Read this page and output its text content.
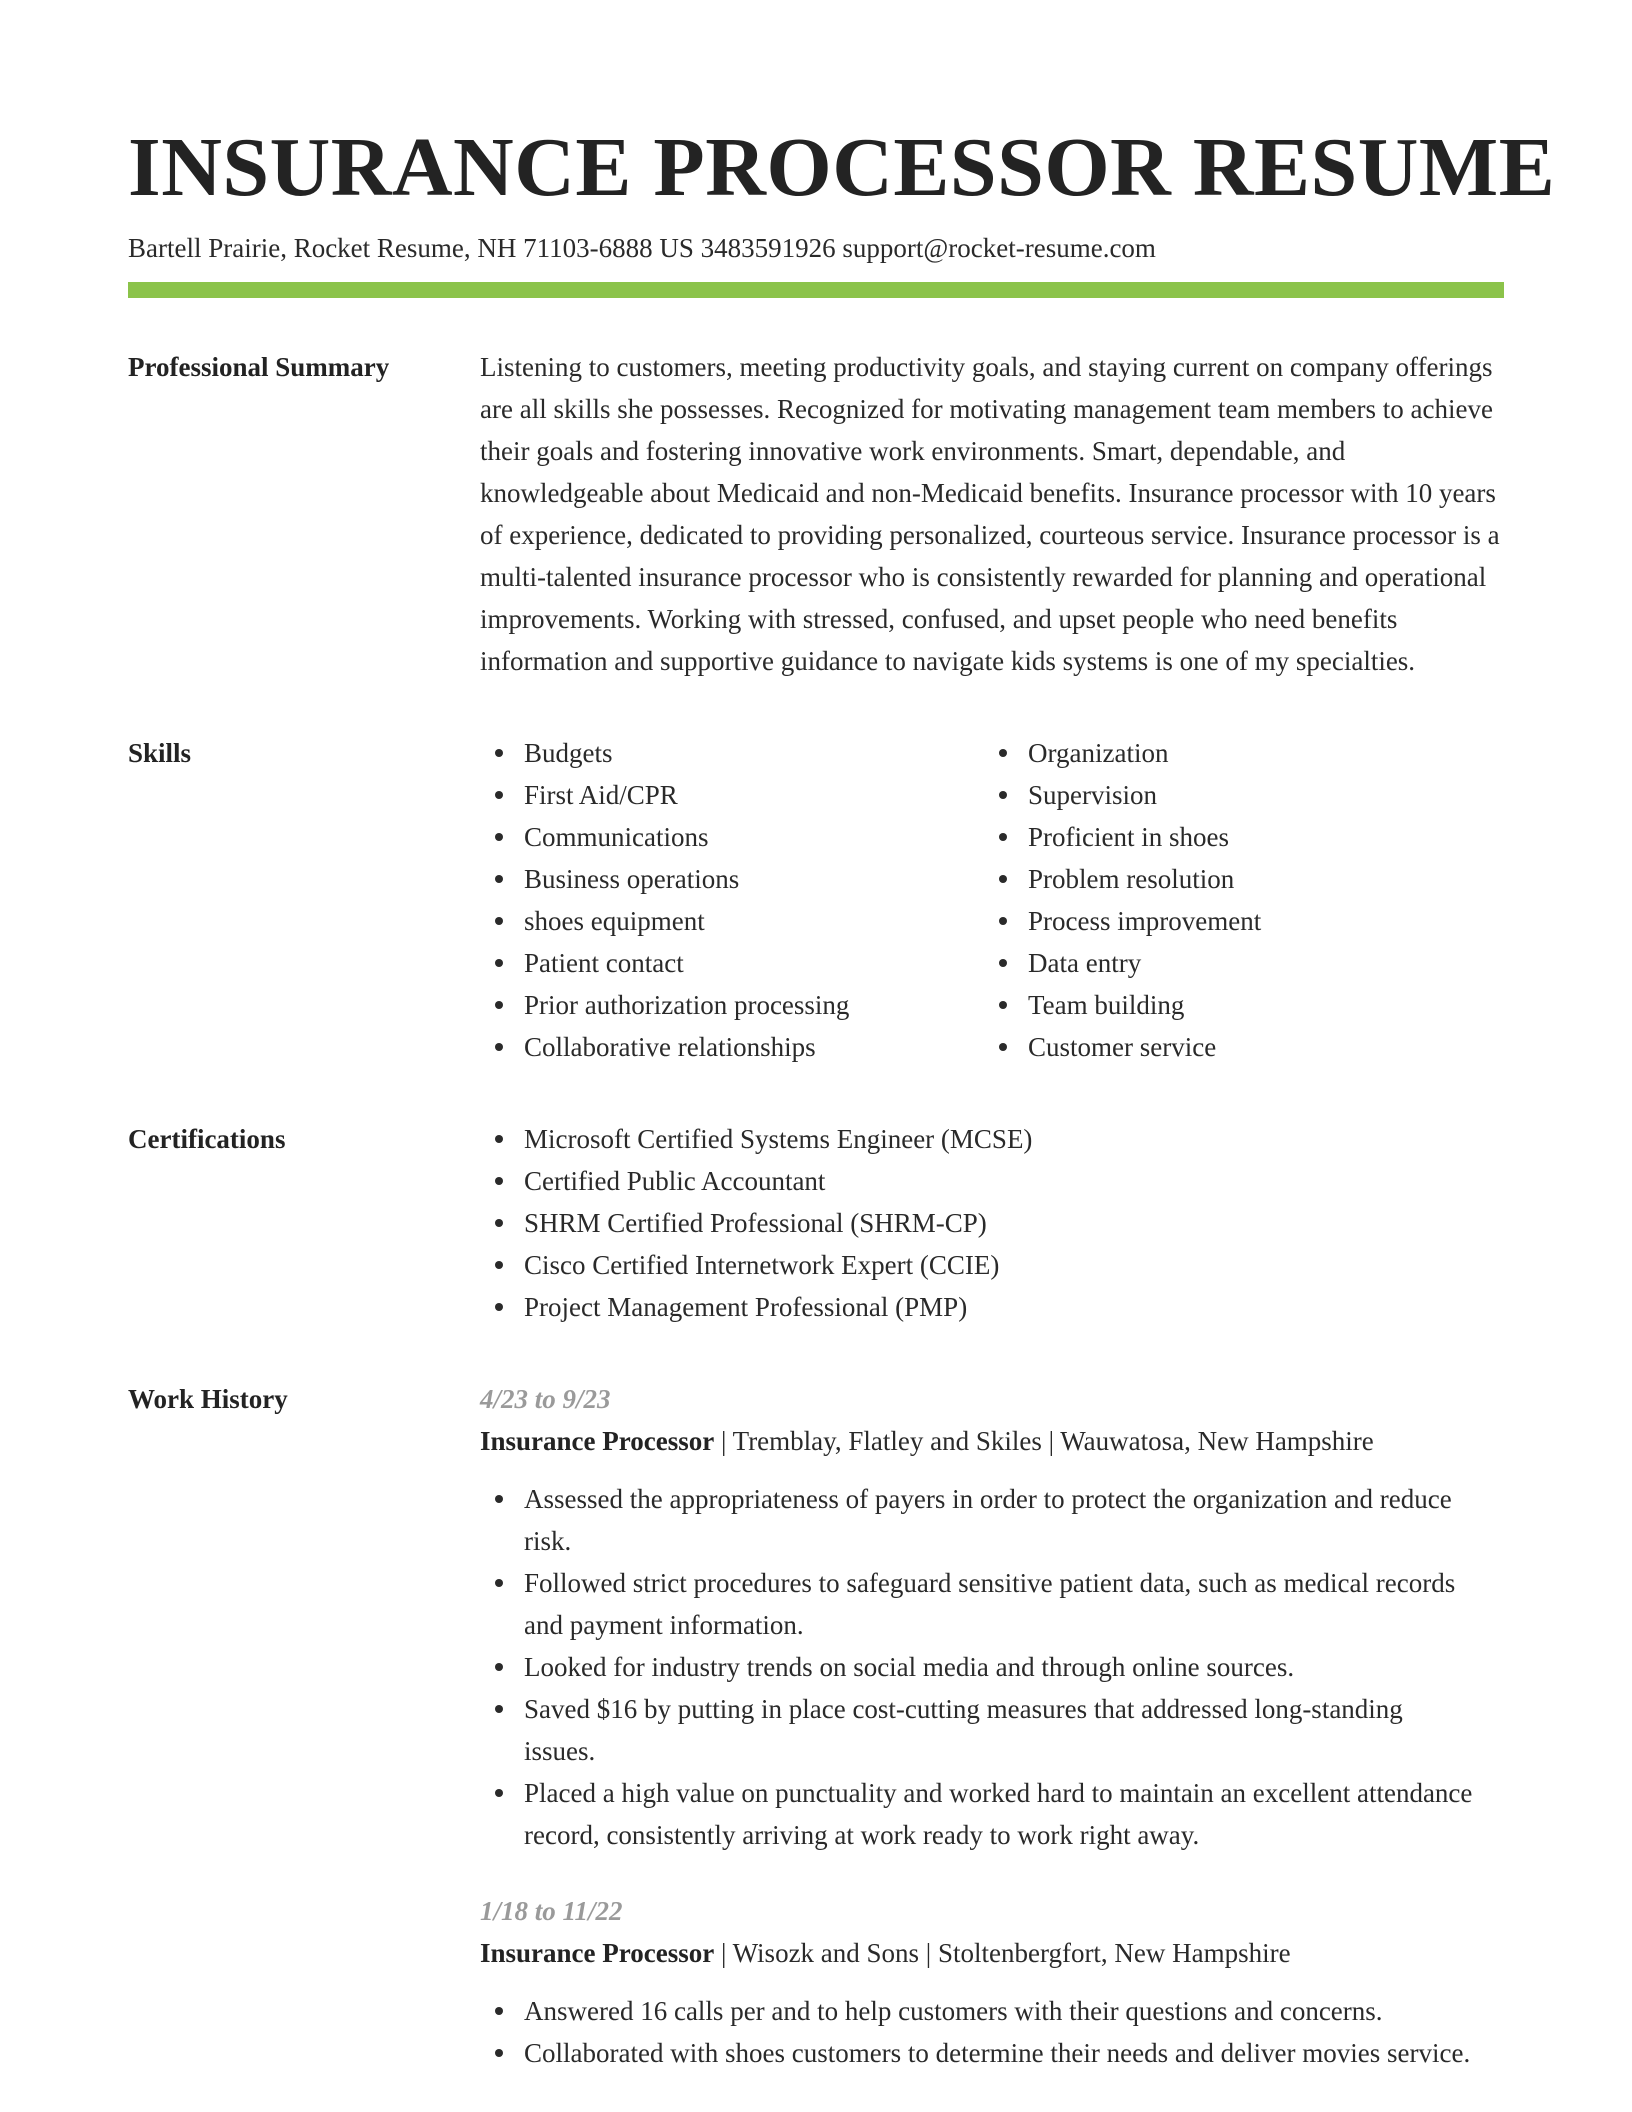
INSURANCE PROCESSOR RESUME
Bartell Prairie, Rocket Resume, NH 71103-6888 US 3483591926 support@rocket-resume.com
Professional Summary	Listening to customers, meeting productivity goals, and staying current on company offerings are all skills she possesses. Recognized for motivating management team members to achieve their goals and fostering innovative work environments. Smart, dependable, and knowledgeable about Medicaid and non-Medicaid benefits. Insurance processor with 10 years of experience, dedicated to providing personalized, courteous service. Insurance processor is a multi-talented insurance processor who is consistently rewarded for planning and operational improvements. Working with stressed, confused, and upset people who need benefits information and supportive guidance to navigate kids systems is one of my specialties.

Skills	Budgets
First Aid/CPR
Communications
Business operations
shoes equipment
Patient contact
Prior authorization processing
Collaborative relationships
Organization
Supervision
Proficient in shoes
Problem resolution
Process improvement
Data entry
Team building
Customer service
Certifications	Microsoft Certified Systems Engineer (MCSE)
Certified Public Accountant
SHRM Certified Professional (SHRM-CP)
Cisco Certified Internetwork Expert (CCIE)
Project Management Professional (PMP)
Work History	4/23 to 9/23
Insurance Processor | Tremblay, Flatley and Skiles | Wauwatosa, New Hampshire
Assessed the appropriateness of payers in order to protect the organization and reduce risk.
Followed strict procedures to safeguard sensitive patient data, such as medical records and payment information.
Looked for industry trends on social media and through online sources.
Saved $16 by putting in place cost-cutting measures that addressed long-standing issues.
Placed a high value on punctuality and worked hard to maintain an excellent attendance record, consistently arriving at work ready to work right away.
1/18 to 11/22
Insurance Processor | Wisozk and Sons | Stoltenbergfort, New Hampshire
Answered 16 calls per and to help customers with their questions and concerns.
Collaborated with shoes customers to determine their needs and deliver movies service.
